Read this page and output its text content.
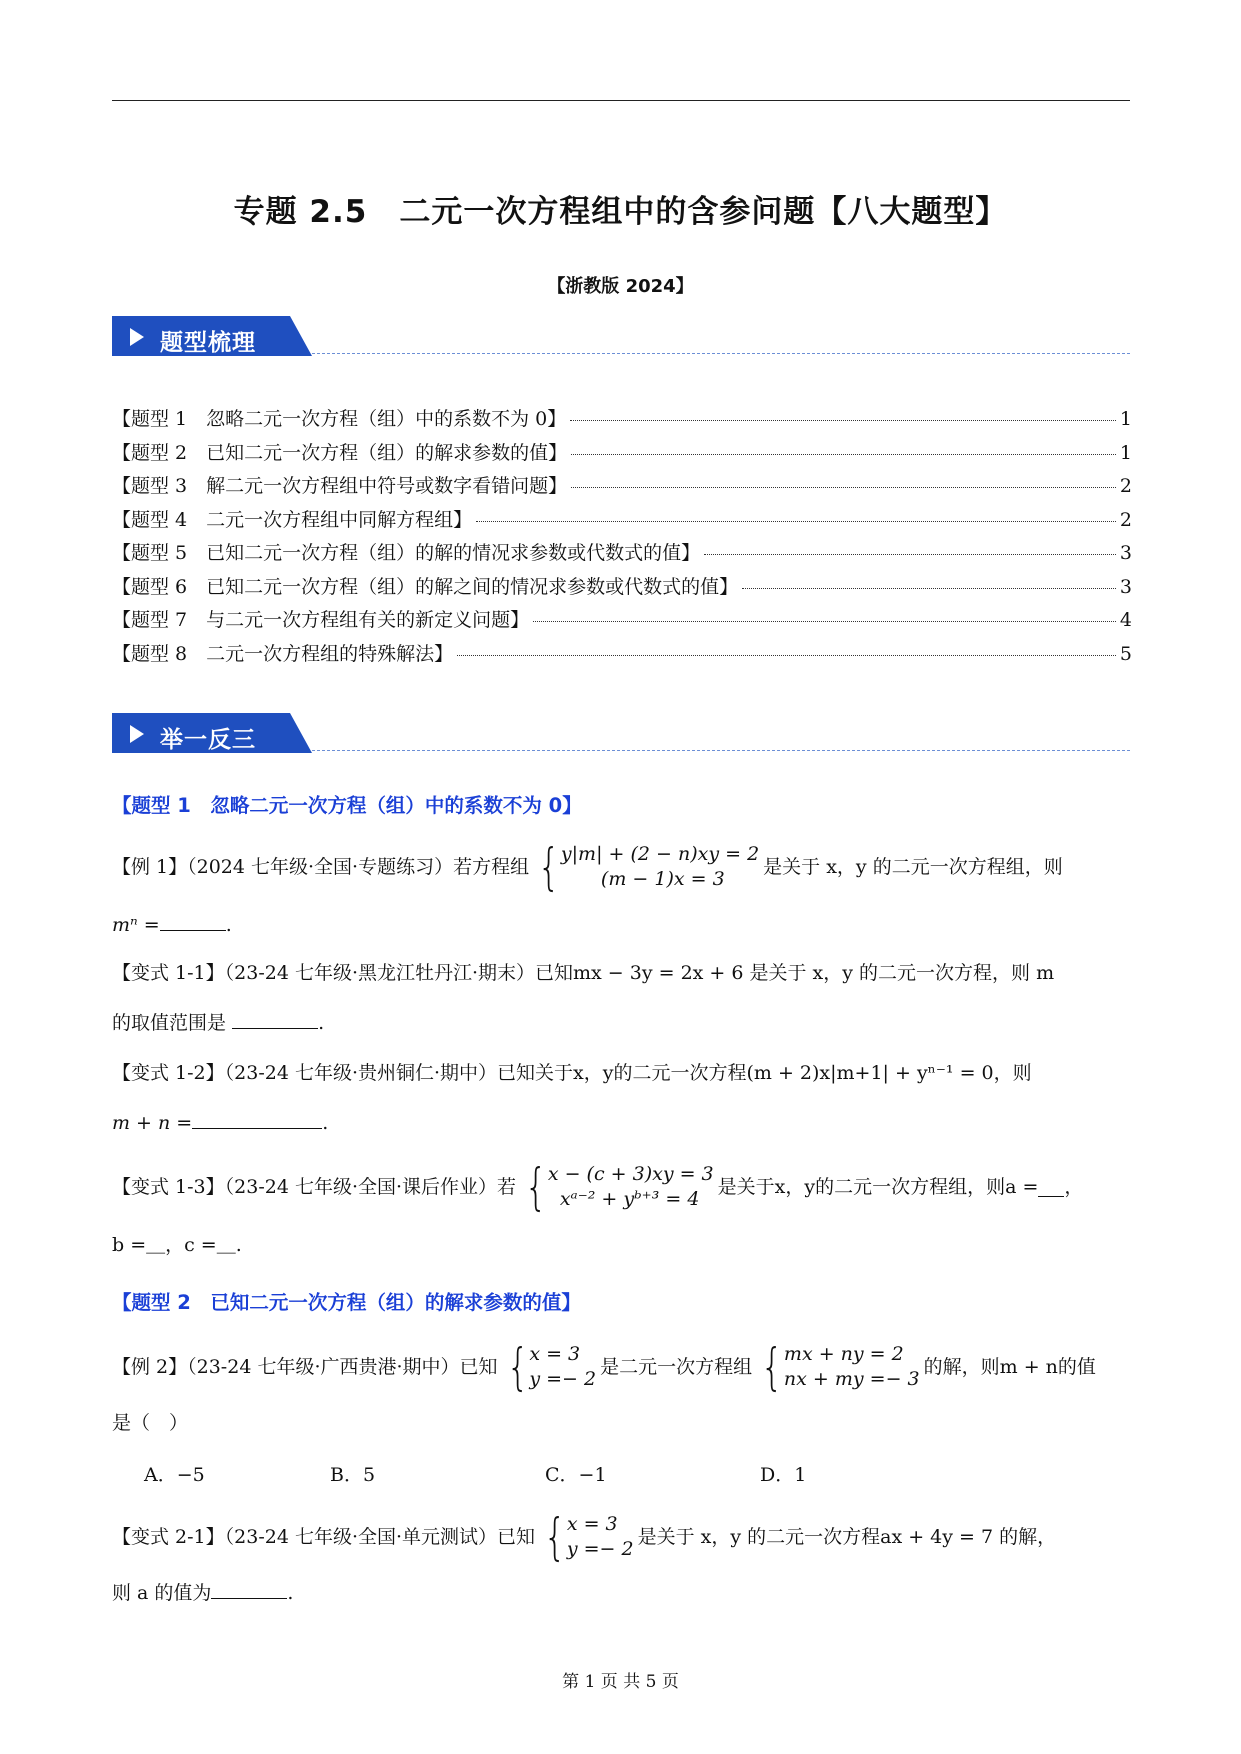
专题 2.5　二元一次方程组中的含参问题【八大题型】
【浙教版 2024】
题型梳理
【题型 1　忽略二元一次方程（组）中的系数不为 0】	1
【题型 2　已知二元一次方程（组）的解求参数的值】	1
【题型 3　解二元一次方程组中符号或数字看错问题】	2
【题型 4　二元一次方程组中同解方程组】	2
【题型 5　已知二元一次方程（组）的解的情况求参数或代数式的值】	3
【题型 6　已知二元一次方程（组）的解之间的情况求参数或代数式的值】	3
【题型 7　与二元一次方程组有关的新定义问题】	4
【题型 8　二元一次方程组的特殊解法】	5
举一反三
【题型 1　忽略二元一次方程（组）中的系数不为 0】
【例 1】（2024 七年级·全国·专题练习）若方程组 { y|m| + (2 − n)xy = 2
(m − 1)x = 3
是关于 x，y 的二元一次方程组，则
mⁿ =	.
【变式 1-1】（23-24 七年级·黑龙江牡丹江·期末）已知mx − 3y = 2x + 6 是关于 x，y 的二元一次方程，则 m
的取值范围是	.
【变式 1-2】（23-24 七年级·贵州铜仁·期中）已知关于x，y的二元一次方程(m + 2)x|m+1| + yⁿ⁻¹ = 0，则
m + n =	.
【变式 1-3】（23-24 七年级·全国·课后作业）若 { x − (c + 3)xy = 3
xᵃ⁻² + yᵇ⁺³ = 4
是关于x，y的二元一次方程组，则a = ，
b =＿，c =＿.
【题型 2　已知二元一次方程（组）的解求参数的值】
【例 2】（23-24 七年级·广西贵港·期中）已知 { x = 3
y =− 2
是二元一次方程组 { mx + ny = 2
nx + my =− 3
的解，则m + n的值
是（　）
A．−5	B．5	C．−1	D．1
【变式 2-1】（23-24 七年级·全国·单元测试）已知 { x = 3
y =− 2
是关于 x，y 的二元一次方程ax + 4y = 7 的解，
则 a 的值为	.
第 1 页 共 5 页
